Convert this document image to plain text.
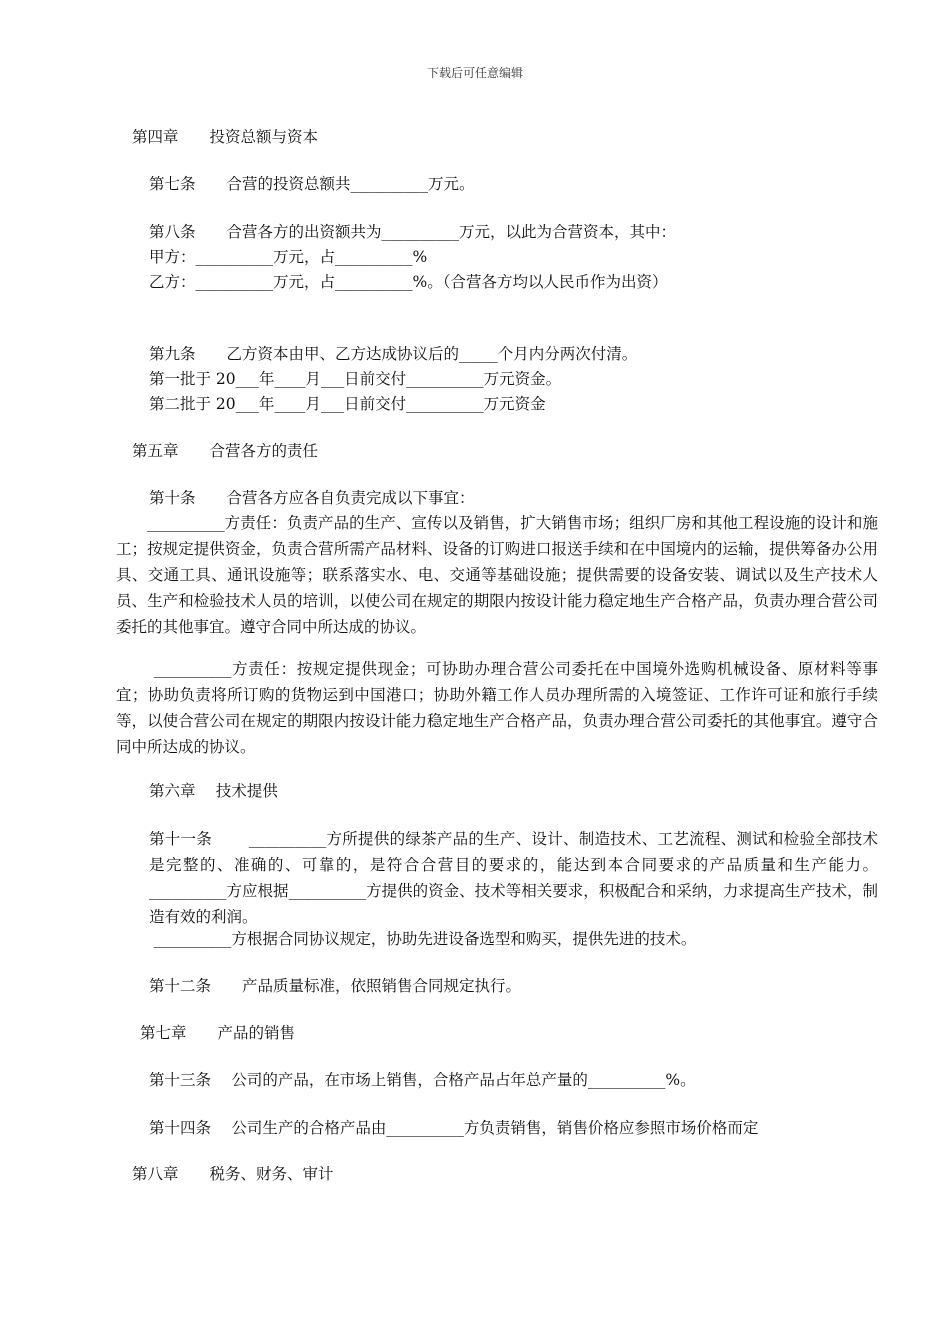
下载后可任意编辑
第四章　　投资总额与资本
第七条　　合营的投资总额共__________万元。
第八条　　合营各方的出资额共为__________万元，以此为合营资本，其中：
甲方：__________万元，占__________%
乙方：__________万元，占__________%。（合营各方均以人民币作为出资）
第九条　　乙方资本由甲、乙方达成协议后的_____个月内分两次付清。
第一批于 20___年____月___日前交付__________万元资金。
第二批于 20___年____月___日前交付__________万元资金
第五章　　合营各方的责任
第十条　　合营各方应各自负责完成以下事宜：
　　__________方责任：负责产品的生产、宣传以及销售，扩大销售市场；组织厂房和其他工程设施的设计和施工；按规定提供资金，负责合营所需产品材料、设备的订购进口报送手续和在中国境内的运输，提供筹备办公用具、交通工具、通讯设施等；联系落实水、电、交通等基础设施；提供需要的设备安装、调试以及生产技术人员、生产和检验技术人员的培训，以使公司在规定的期限内按设计能力稳定地生产合格产品，负责办理合营公司委托的其他事宜。遵守合同中所达成的协议。
　　 __________方责任：按规定提供现金；可协助办理合营公司委托在中国境外选购机械设备、原材料等事宜；协助负责将所订购的货物运到中国港口；协助外籍工作人员办理所需的入境签证、工作许可证和旅行手续等，以使合营公司在规定的期限内按设计能力稳定地生产合格产品，负责办理合营公司委托的其他事宜。遵守合同中所达成的协议。
第六章　 技术提供
第十一条　　 __________方所提供的绿茶产品的生产、设计、制造技术、工艺流程、测试和检验全部技术是完整的、准确的、可靠的，是符合合营目的要求的，能达到本合同要求的产品质量和生产能力。__________方应根据__________方提供的资金、技术等相关要求，积极配合和采纳，力求提高生产技术，制造有效的利润。
__________方根据合同协议规定，协助先进设备选型和购买，提供先进的技术。
第十二条　　产品质量标准，依照销售合同规定执行。
第七章　　产品的销售
第十三条　 公司的产品，在市场上销售，合格产品占年总产量的__________%。
第十四条　 公司生产的合格产品由__________方负责销售，销售价格应参照市场价格而定
第八章　　税务、财务、审计
